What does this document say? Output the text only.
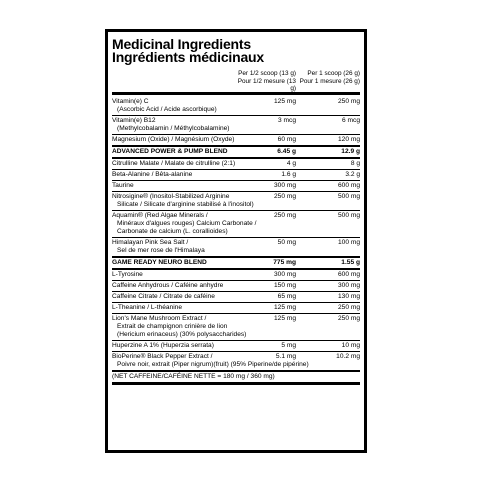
Medicinal Ingredients
Ingrédients médicinaux
Per 1/2 scoop (13 g)
Pour 1/2 mesure (13 g)
Per 1 scoop (26 g)
Pour 1 mesure (26 g)
Vitamin(e) C
(Ascorbic Acid / Acide ascorbique)
125 mg	250 mg
Vitamin(e) B12
(Methylcobalamin / Méthylcobalamine)
3 mcg	6 mcg
Magnesium (Oxide) / Magnésium (Oxyde)	60 mg	120 mg
ADVANCED POWER & PUMP BLEND	6.45 g	12.9 g
Citrulline Malate / Malate de citrulline (2:1)	4 g	8 g
Beta-Alanine / Bêta-alanine	1.6 g	3.2 g
Taurine	300 mg	600 mg
Nitrosigine® (Inositol-Stabilized Arginine
Silicate / Silicate d'arginine stabilisé à l'inositol)
250 mg	500 mg
Aquamin® (Red Algae Minerals /
Minéraux d'algues rouges) Calcium Carbonate /
Carbonate de calcium (L. corallioides)
250 mg	500 mg
Himalayan Pink Sea Salt /
Sel de mer rose de l'Himalaya
50 mg	100 mg
GAME READY NEURO BLEND	775 mg	1.55 g
L-Tyrosine	300 mg	600 mg
Caffeine Anhydrous / Caféine anhydre	150 mg	300 mg
Caffeine Citrate / Citrate de caféine	65 mg	130 mg
L-Theanine / L-théanine	125 mg	250 mg
Lion's Mane Mushroom Extract /
Extrait de champignon crinière de lion
(Hericium erinaceus) (30% polysaccharides)
125 mg	250 mg
Huperzine A 1% (Huperzia serrata)	5 mg	10 mg
BioPerine® Black Pepper Extract /
Poivre noir, extrait (Piper nigrum)(fruit) (95% Piperine/de pipérine)
5.1 mg	10.2 mg
(NET CAFFEINE/CAFÉINE NETTE = 180 mg / 360 mg)
